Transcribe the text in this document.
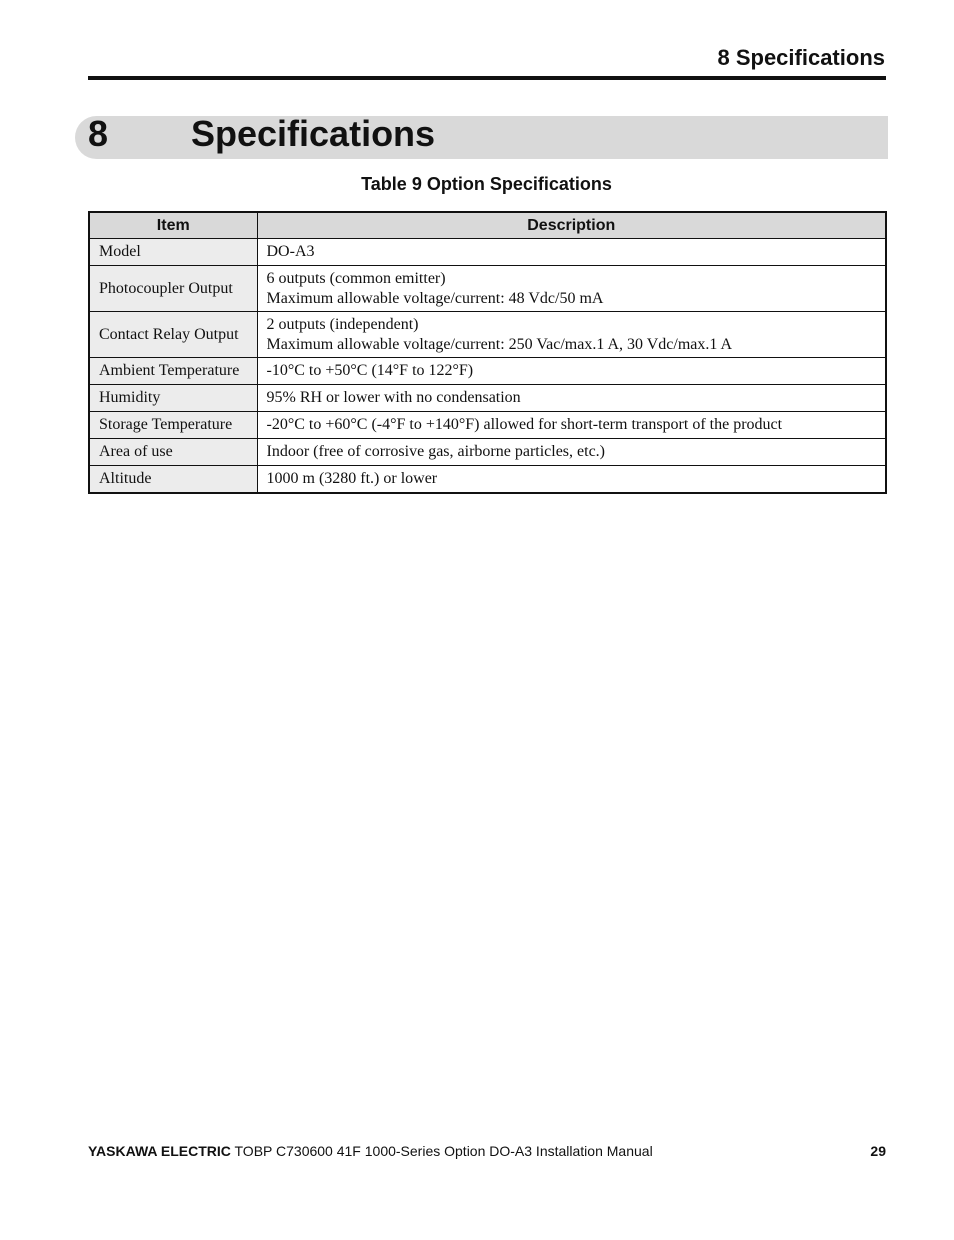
8 Specifications
8 Specifications
Table 9 Option Specifications
Item	Description
Model	DO-A3

Photocoupler Output	6 outputs (common emitter)
Maximum allowable voltage/current: 48 Vdc/50 mA

Contact Relay Output	2 outputs (independent)
Maximum allowable voltage/current: 250 Vac/max.1 A, 30 Vdc/max.1 A

Ambient Temperature	-10°C to +50°C (14°F to 122°F)

Humidity	95% RH or lower with no condensation

Storage Temperature	-20°C to +60°C (-4°F to +140°F) allowed for short-term transport of the product

Area of use	Indoor (free of corrosive gas, airborne particles, etc.)

Altitude	1000 m (3280 ft.) or lower
YASKAWA ELECTRIC TOBP C730600 41F 1000-Series Option DO-A3 Installation Manual	29
